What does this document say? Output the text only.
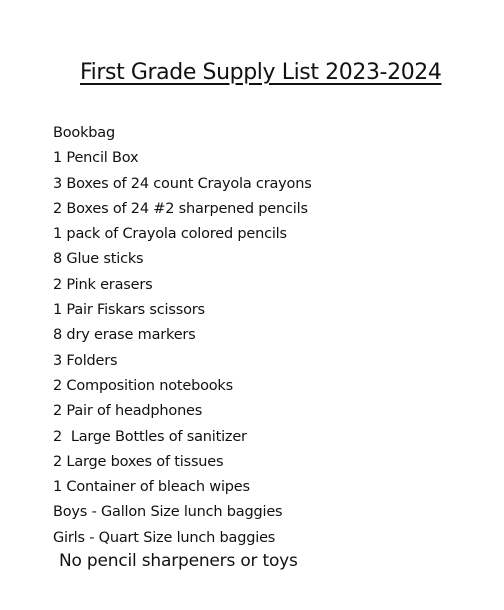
First Grade Supply List 2023-2024
Bookbag
1 Pencil Box
3 Boxes of 24 count Crayola crayons
2 Boxes of 24 #2 sharpened pencils
1 pack of Crayola colored pencils
8 Glue sticks
2 Pink erasers
1 Pair Fiskars scissors
8 dry erase markers
3 Folders
2 Composition notebooks
2 Pair of headphones
2  Large Bottles of sanitizer
2 Large boxes of tissues
1 Container of bleach wipes
Boys - Gallon Size lunch baggies
Girls - Quart Size lunch baggies
No pencil sharpeners or toys
